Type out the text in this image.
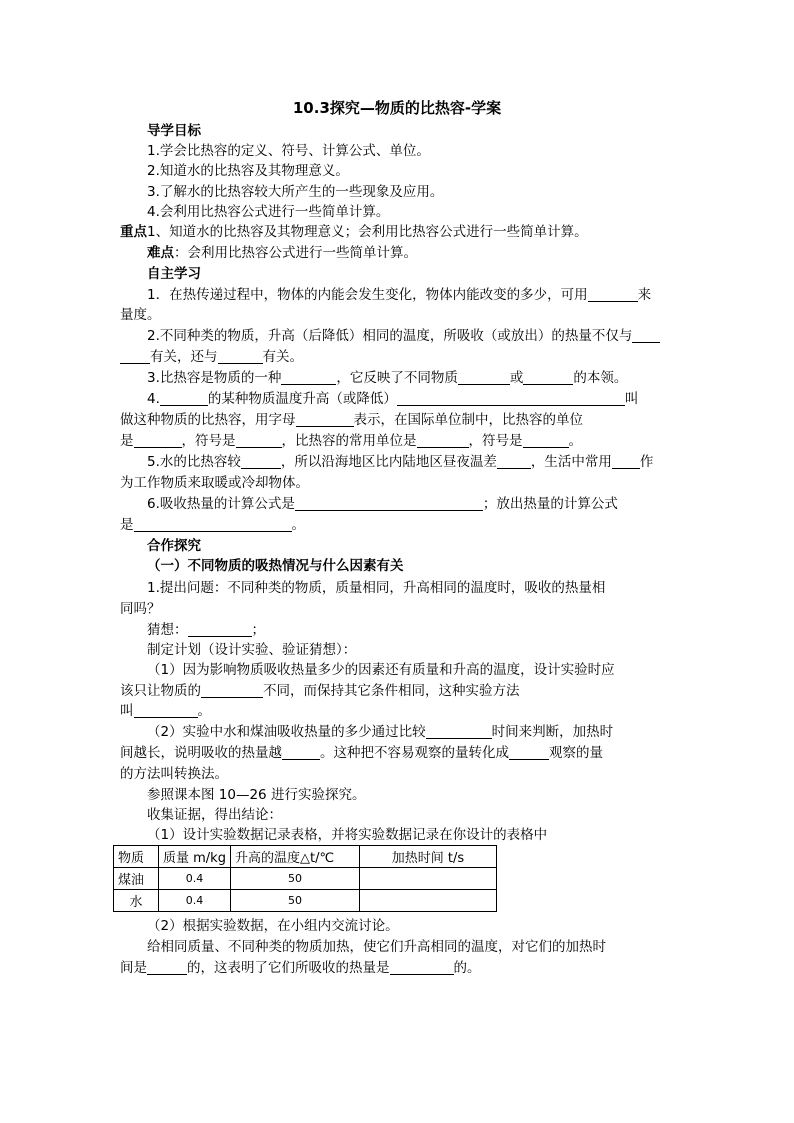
10.3探究—物质的比热容-学案
导学目标
1.学会比热容的定义、符号、计算公式、单位。
2.知道水的比热容及其物理意义。
3.了解水的比热容较大所产生的一些现象及应用。
4.会利用比热容公式进行一些简单计算。
重点1、知道水的比热容及其物理意义；会利用比热容公式进行一些简单计算。
难点：会利用比热容公式进行一些简单计算。
自主学习
1．在热传递过程中，物体的内能会发生变化，物体内能改变的多少，可用	来
量度。
2.不同种类的物质，升高（后降低）相同的温度，所吸收（或放出）的热量不仅与
有关，还与	有关。
3.比热容是物质的一种	，它反映了不同物质	或	的本领。
4.	的某种物质温度升高（或降低）	叫
做这种物质的比热容，用字母	表示，在国际单位制中，比热容的单位
是	，符号是	，比热容的常用单位是	，符号是	。
5.水的比热容较	，所以沿海地区比内陆地区昼夜温差	，生活中常用 作
为工作物质来取暖或冷却物体。
6.吸收热量的计算公式是	；放出热量的计算公式
是	。
合作探究
（一）不同物质的吸热情况与什么因素有关
1.提出问题：不同种类的物质，质量相同，升高相同的温度时，吸收的热量相
同吗？
猜想：	；
制定计划（设计实验、验证猜想）：
（1）因为影响物质吸收热量多少的因素还有质量和升高的温度，设计实验时应
该只让物质的	不同，而保持其它条件相同，这种实验方法
叫	。
（2）实验中水和煤油吸收热量的多少通过比较	时间来判断，加热时
间越长，说明吸收的热量越	。这种把不容易观察的量转化成	观察的量
的方法叫转换法。
参照课本图 10—26 进行实验探究。
收集证据，得出结论：
（1）设计实验数据记录表格，并将实验数据记录在你设计的表格中
物质	质量 m/kg	升高的温度△t/℃	加热时间 t/s
煤油	0.4	50	
水	0.4	50	
（2）根据实验数据，在小组内交流讨论。
给相同质量、不同种类的物质加热，使它们升高相同的温度，对它们的加热时
间是	的，这表明了它们所吸收的热量是	的。
